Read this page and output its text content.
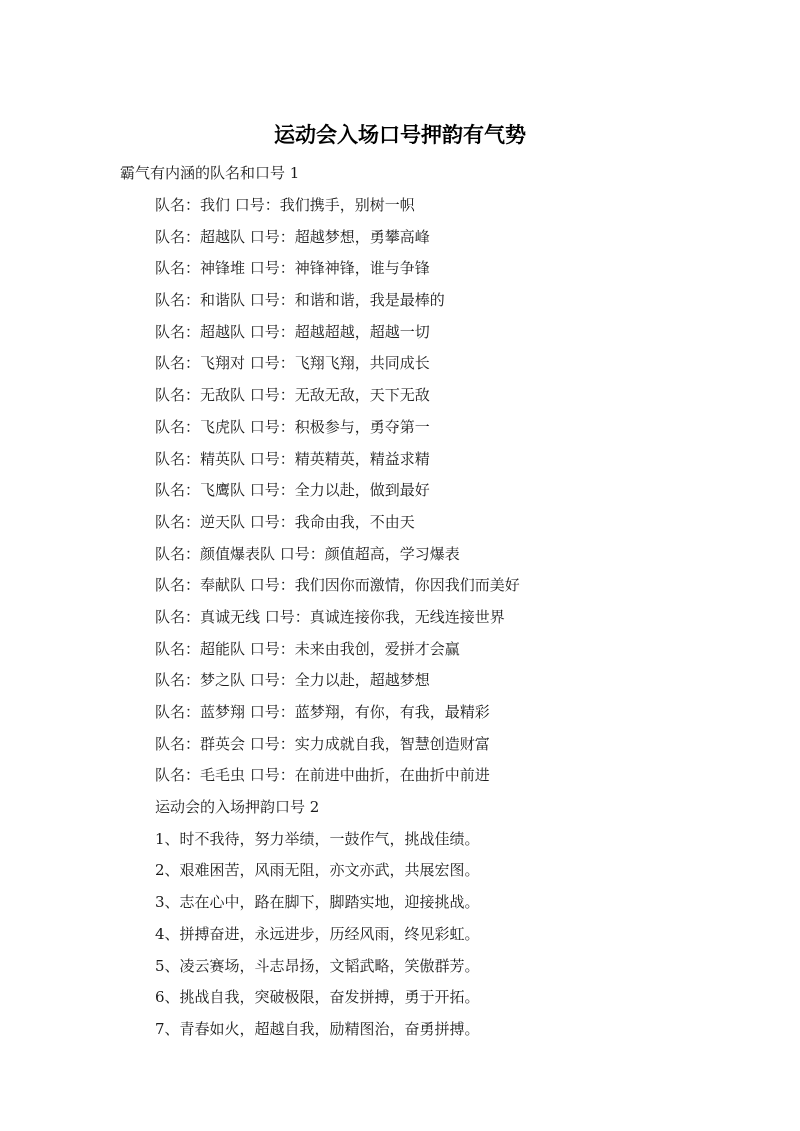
运动会入场口号押韵有气势
霸气有内涵的队名和口号 1
队名：我们 口号：我们携手，别树一帜
队名：超越队 口号：超越梦想，勇攀高峰
队名：神锋堆 口号：神锋神锋，谁与争锋
队名：和谐队 口号：和谐和谐，我是最棒的
队名：超越队 口号：超越超越，超越一切
队名：飞翔对 口号：飞翔飞翔，共同成长
队名：无敌队 口号：无敌无敌，天下无敌
队名：飞虎队 口号：积极参与，勇夺第一
队名：精英队 口号：精英精英，精益求精
队名：飞鹰队 口号：全力以赴，做到最好
队名：逆天队 口号：我命由我，不由天
队名：颜值爆表队 口号：颜值超高，学习爆表
队名：奉献队 口号：我们因你而激情，你因我们而美好
队名：真诚无线 口号：真诚连接你我，无线连接世界
队名：超能队 口号：未来由我创，爱拼才会赢
队名：梦之队 口号：全力以赴，超越梦想
队名：蓝梦翔 口号：蓝梦翔，有你，有我，最精彩
队名：群英会 口号：实力成就自我，智慧创造财富
队名：毛毛虫 口号：在前进中曲折，在曲折中前进
运动会的入场押韵口号 2
1、时不我待，努力举绩，一鼓作气，挑战佳绩。
2、艰难困苦，风雨无阻，亦文亦武，共展宏图。
3、志在心中，路在脚下，脚踏实地，迎接挑战。
4、拼搏奋进，永远进步，历经风雨，终见彩虹。
5、凌云赛场，斗志昂扬，文韬武略，笑傲群芳。
6、挑战自我，突破极限，奋发拼搏，勇于开拓。
7、青春如火，超越自我，励精图治，奋勇拼搏。
